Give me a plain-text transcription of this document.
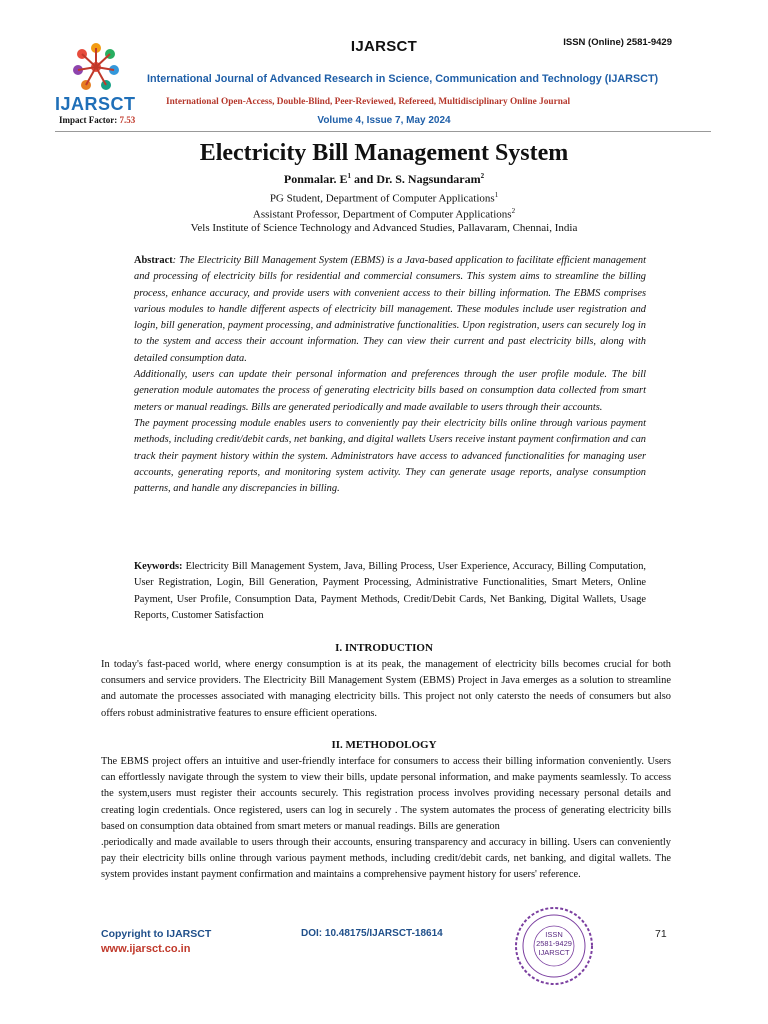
IJARSCT
IJARSCT	ISSN (Online) 2581-9429
International Journal of Advanced Research in Science, Communication and Technology (IJARSCT)
International Open-Access, Double-Blind, Peer-Reviewed, Refereed, Multidisciplinary Online Journal
Impact Factor: 7.53	Volume 4, Issue 7, May 2024
Electricity Bill Management System
Ponmalar. $E^1$ and Dr. S. Nagsundaram$^2$
PG Student, Department of Computer Applications$^1$
Assistant Professor, Department of Computer Applications$^2$
Vels Institute of Science Technology and Advanced Studies, Pallavaram, Chennai, India

Abstract: The Electricity Bill Management System (EBMS) is a Java-based application to facilitate efficient management and processing of electricity bills for residential and commercial consumers. This system aims to streamline the billing process, enhance accuracy, and provide users with convenient access to their billing information. The EBMS comprises various modules to handle different aspects of electricity bill management. These modules include user registration and login, bill generation, payment processing, and administrative functionalities. Upon registration, users can securely log in to the system and access their account information. They can view their current and past electricity bills, along with detailed consumption data.

Additionally, users can update their personal information and preferences through the user profile module. The bill generation module automates the process of generating electricity bills based on consumption data collected from smart meters or manual readings. Bills are generated periodically and made available to users through their accounts.

The payment processing module enables users to conveniently pay their electricity bills online through various payment methods, including credit/debit cards, net banking, and digital wallets Users receive instant payment confirmation and can track their payment history within the system. Administrators have access to advanced functionalities for managing user accounts, generating reports, and monitoring system activity. They can generate usage reports, analyse consumption patterns, and handle any discrepancies in billing.

Keywords: Electricity Bill Management System, Java, Billing Process, User Experience, Accuracy, Billing Computation, User Registration, Login, Bill Generation, Payment Processing, Administrative Functionalities, Smart Meters, Online Payment, User Profile, Consumption Data, Payment Methods, Credit/Debit Cards, Net Banking, Digital Wallets, Usage Reports, Customer Satisfaction
I. INTRODUCTION

In today's fast-paced world, where energy consumption is at its peak, the management of electricity bills becomes crucial for both consumers and service providers. The Electricity Bill Management System (EBMS) Project in Java emerges as a solution to streamline and automate the processes associated with managing electricity bills. This project not only catersto the needs of consumers but also offers robust administrative features to ensure efficient operations.

II. METHODOLOGY

The EBMS project offers an intuitive and user-friendly interface for consumers to access their billing information conveniently. Users can effortlessly navigate through the system to view their bills, update personal information, and make payments seamlessly. To access the system,users must register their accounts securely. This registration process involves providing necessary personal details and creating login credentials. Once registered, users can log in securely . The system automates the process of generating electricity bills based on consumption data obtained from smart meters or manual readings. Bills are generation

.periodically and made available to users through their accounts, ensuring transparency and accuracy in billing. Users can conveniently pay their electricity bills online through various payment methods, including credit/debit cards, net banking, and digital wallets. The system provides instant payment confirmation and maintains a comprehensive payment history for users' reference.

Copyright to IJARSCT
www.ijarsct.co.in
DOI: 10.48175/IJARSCT-18614	71
ISSN
2581-9429
IJARSCT
